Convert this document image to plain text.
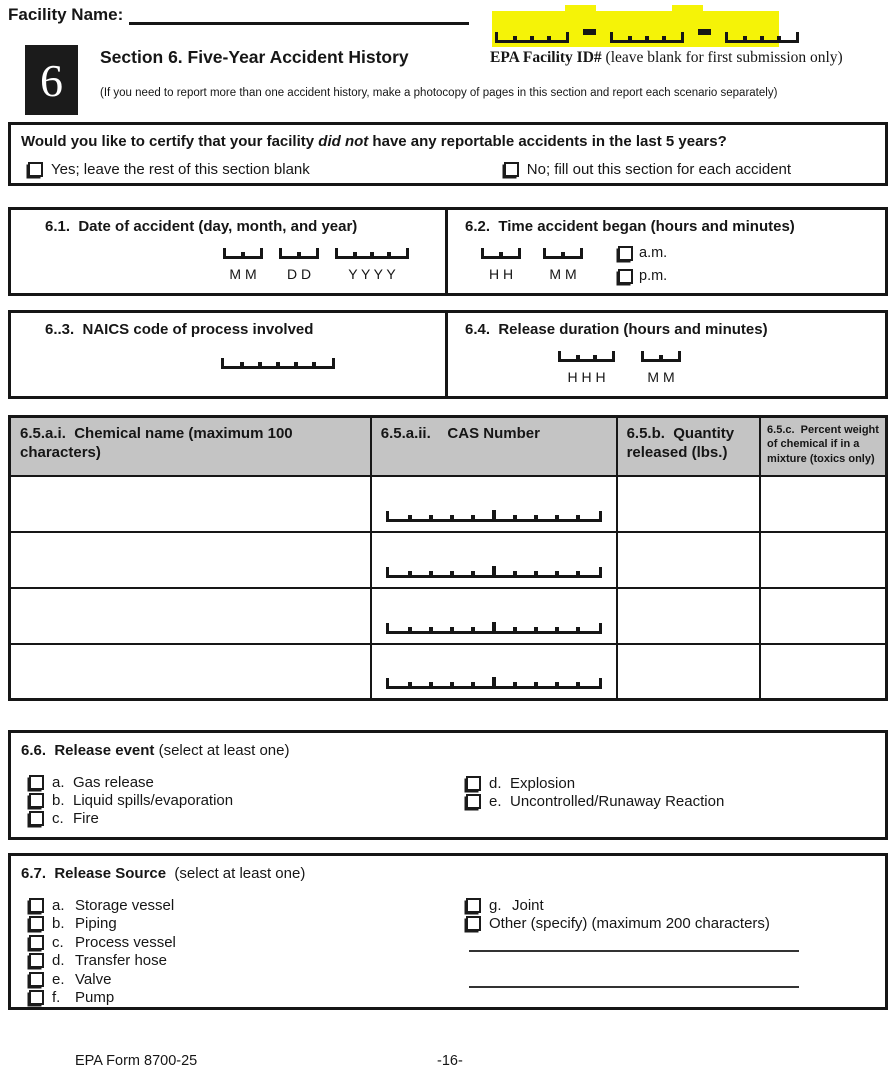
Facility Name:
EPA Facility ID# (leave blank for first submission only)
6	Section 6. Five-Year Accident History
(If you need to report more than one accident history, make a photocopy of pages in this section and report each scenario separately)
Would you like to certify that your facility did not have any reportable accidents in the last 5 years?
Yes; leave the rest of this section blank	No; fill out this section for each accident
6.1.  Date of accident (day, month, and year)
M M D D	Y Y Y Y
6.2.  Time accident began (hours and minutes)
H H	M M
a.m.
p.m.
6..3.  NAICS code of process involved	6.4.  Release duration (hours and minutes)
H H H	M M
6.5.a.i.  Chemical name (maximum 100 characters)	6.5.a.ii.    CAS Number	6.5.b.  Quantity released (lbs.)	6.5.c.  Percent weight of chemical if in a mixture (toxics only)

6.6.  Release event (select at least one)
a. Gas release
b. Liquid spills/evaporation
c. Fire
d. Explosion
e. Uncontrolled/Runaway Reaction
6.7.  Release Source  (select at least one)
a. Storage vessel
b. Piping
c. Process vessel
d. Transfer hose
e. Valve
f. Pump
g. Joint
Other (specify) (maximum 200 characters)
EPA Form 8700-25	-16-
